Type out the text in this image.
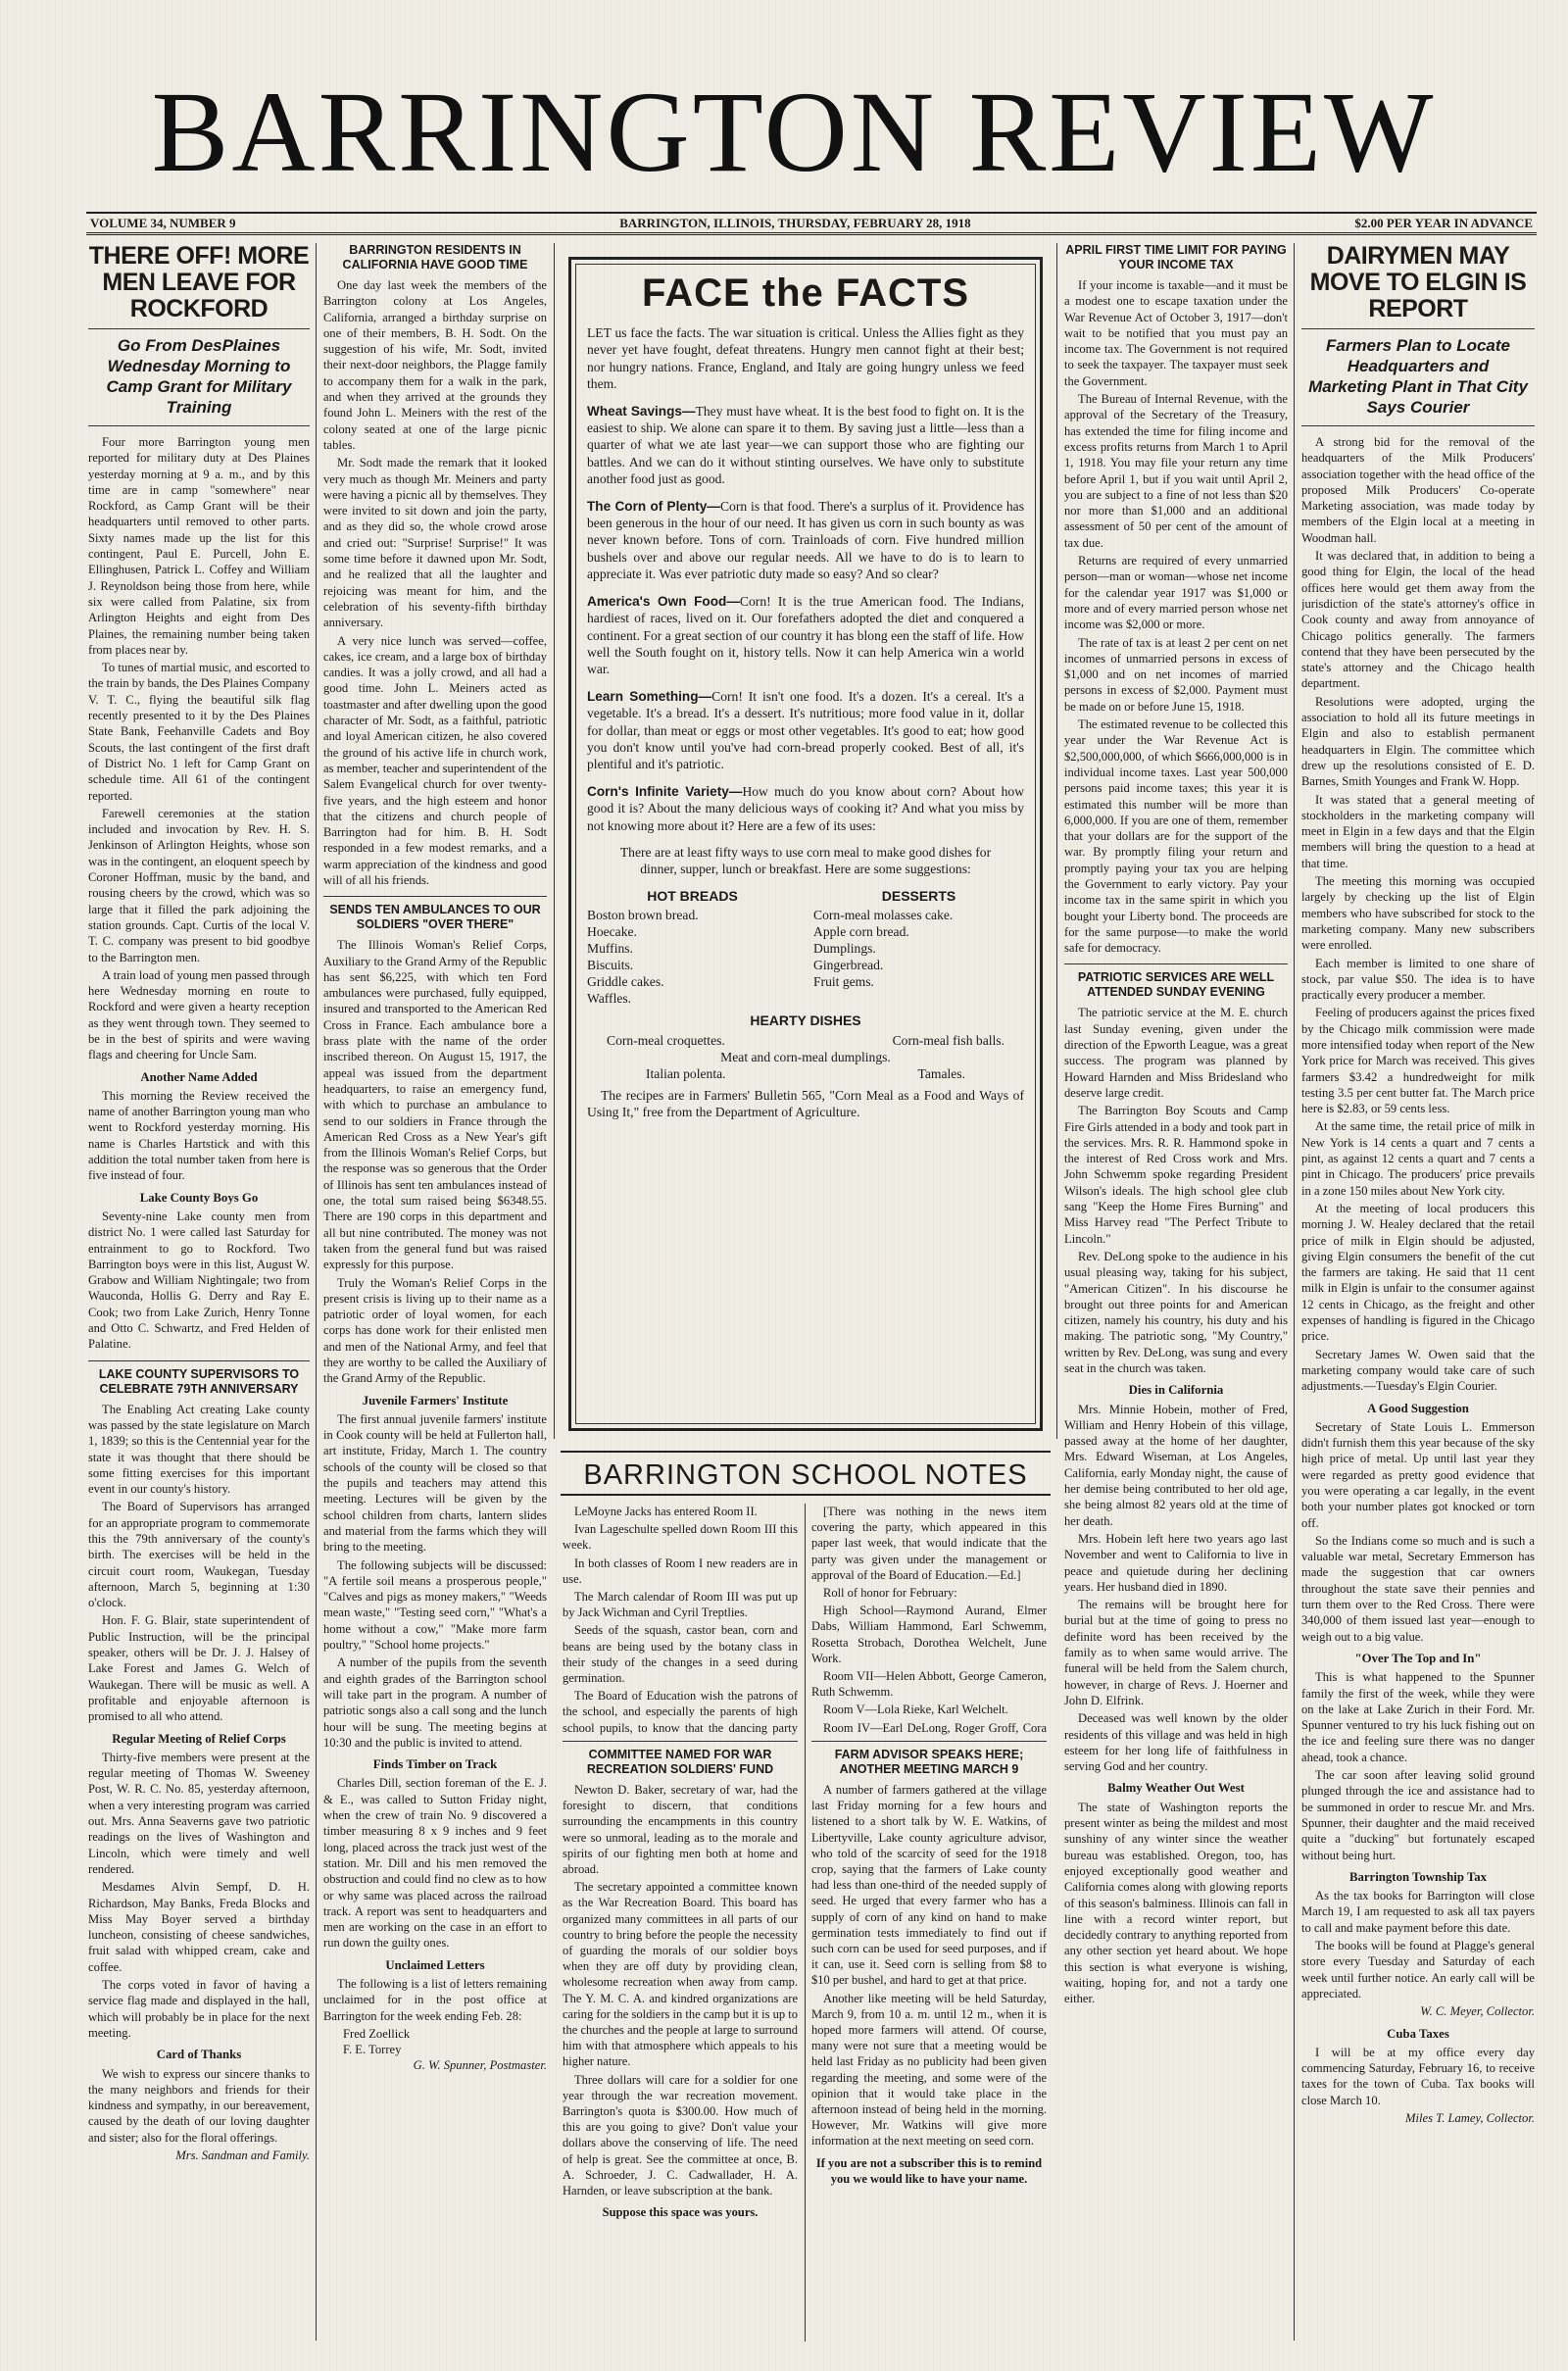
BARRINGTON REVIEW
VOLUME 34, NUMBER 9	BARRINGTON, ILLINOIS, THURSDAY, FEBRUARY 28, 1918	$2.00 PER YEAR IN ADVANCE
THERE OFF! MORE MEN LEAVE FOR ROCKFORD
Go From DesPlaines Wednesday Morning to Camp Grant for Military Training

Four more Barrington young men reported for military duty at Des Plaines yesterday morning at 9 a. m., and by this time are in camp "somewhere" near Rockford, as Camp Grant will be their headquarters until removed to other parts. Sixty names made up the list for this contingent, Paul E. Purcell, John E. Ellinghusen, Patrick L. Coffey and William J. Reynoldson being those from here, while six were called from Palatine, six from Arlington Heights and eight from Des Plaines, the remaining number being taken from places near by.

To tunes of martial music, and escorted to the train by bands, the Des Plaines Company V. T. C., flying the beautiful silk flag recently presented to it by the Des Plaines State Bank, Feehanville Cadets and Boy Scouts, the last contingent of the first draft of District No. 1 left for Camp Grant on schedule time. All 61 of the contingent reported.

Farewell ceremonies at the station included and invocation by Rev. H. S. Jenkinson of Arlington Heights, whose son was in the contingent, an eloquent speech by Coroner Hoffman, music by the band, and rousing cheers by the crowd, which was so large that it filled the park adjoining the station grounds. Capt. Curtis of the local V. T. C. company was present to bid goodbye to the Barrington men.

A train load of young men passed through here Wednesday morning en route to Rockford and were given a hearty reception as they went through town. They seemed to be in the best of spirits and were waving flags and cheering for Uncle Sam.

Another Name Added

This morning the Review received the name of another Barrington young man who went to Rockford yesterday morning. His name is Charles Hartstick and with this addition the total number taken from here is five instead of four.

Lake County Boys Go

Seventy-nine Lake county men from district No. 1 were called last Saturday for entrainment to go to Rockford. Two Barrington boys were in this list, August W. Grabow and William Nightingale; two from Wauconda, Hollis G. Derry and Ray E. Cook; two from Lake Zurich, Henry Tonne and Otto C. Schwartz, and Fred Helden of Palatine.

LAKE COUNTY SUPERVISORS TO CELEBRATE 79TH ANNIVERSARY

The Enabling Act creating Lake county was passed by the state legislature on March 1, 1839; so this is the Centennial year for the state it was thought that there should be some fitting exercises for this important event in our county's history.

The Board of Supervisors has arranged for an appropriate program to commemorate this the 79th anniversary of the county's birth. The exercises will be held in the circuit court room, Waukegan, Tuesday afternoon, March 5, beginning at 1:30 o'clock.

Hon. F. G. Blair, state superintendent of Public Instruction, will be the principal speaker, others will be Dr. J. J. Halsey of Lake Forest and James G. Welch of Waukegan. There will be music as well. A profitable and enjoyable afternoon is promised to all who attend.

Regular Meeting of Relief Corps

Thirty-five members were present at the regular meeting of Thomas W. Sweeney Post, W. R. C. No. 85, yesterday afternoon, when a very interesting program was carried out. Mrs. Anna Seaverns gave two patriotic readings on the lives of Washington and Lincoln, which were timely and well rendered.

Mesdames Alvin Sempf, D. H. Richardson, May Banks, Freda Blocks and Miss May Boyer served a birthday luncheon, consisting of cheese sandwiches, fruit salad with whipped cream, cake and coffee.

The corps voted in favor of having a service flag made and displayed in the hall, which will probably be in place for the next meeting.

Card of Thanks

We wish to express our sincere thanks to the many neighbors and friends for their kindness and sympathy, in our bereavement, caused by the death of our loving daughter and sister; also for the floral offerings.

Mrs. Sandman and Family.
BARRINGTON RESIDENTS IN CALIFORNIA HAVE GOOD TIME

One day last week the members of the Barrington colony at Los Angeles, California, arranged a birthday surprise on one of their members, B. H. Sodt. On the suggestion of his wife, Mr. Sodt, invited their next-door neighbors, the Plagge family to accompany them for a walk in the park, and when they arrived at the grounds they found John L. Meiners with the rest of the colony seated at one of the large picnic tables.

Mr. Sodt made the remark that it looked very much as though Mr. Meiners and party were having a picnic all by themselves. They were invited to sit down and join the party, and as they did so, the whole crowd arose and cried out: "Surprise! Surprise!" It was some time before it dawned upon Mr. Sodt, and he realized that all the laughter and rejoicing was meant for him, and the celebration of his seventy-fifth birthday anniversary.

A very nice lunch was served—coffee, cakes, ice cream, and a large box of birthday candies. It was a jolly crowd, and all had a good time. John L. Meiners acted as toastmaster and after dwelling upon the good character of Mr. Sodt, as a faithful, patriotic and loyal American citizen, he also covered the ground of his active life in church work, as member, teacher and superintendent of the Salem Evangelical church for over twenty-five years, and the high esteem and honor that the citizens and church people of Barrington had for him. B. H. Sodt responded in a few modest remarks, and a warm appreciation of the kindness and good will of all his friends.

SENDS TEN AMBULANCES TO OUR SOLDIERS "OVER THERE"

The Illinois Woman's Relief Corps, Auxiliary to the Grand Army of the Republic has sent $6,225, with which ten Ford ambulances were purchased, fully equipped, insured and transported to the American Red Cross in France. Each ambulance bore a brass plate with the name of the order inscribed thereon. On August 15, 1917, the appeal was issued from the department headquarters, to raise an emergency fund, with which to purchase an ambulance to send to our soldiers in France through the American Red Cross as a New Year's gift from the Illinois Woman's Relief Corps, but the response was so generous that the Order of Illinois has sent ten ambulances instead of one, the total sum raised being $6348.55. There are 190 corps in this department and all but nine contributed. The money was not taken from the general fund but was raised expressly for this purpose.

Truly the Woman's Relief Corps in the present crisis is living up to their name as a patriotic order of loyal women, for each corps has done work for their enlisted men and men of the National Army, and feel that they are worthy to be called the Auxiliary of the Grand Army of the Republic.

Juvenile Farmers' Institute

The first annual juvenile farmers' institute in Cook county will be held at Fullerton hall, art institute, Friday, March 1. The country schools of the county will be closed so that the pupils and teachers may attend this meeting. Lectures will be given by the school children from charts, lantern slides and material from the farms which they will bring to the meeting.

The following subjects will be discussed: "A fertile soil means a prosperous people," "Calves and pigs as money makers," "Weeds mean waste," "Testing seed corn," "What's a home without a cow," "Make more farm poultry," "School home projects."

A number of the pupils from the seventh and eighth grades of the Barrington school will take part in the program. A number of patriotic songs also a call song and the lunch hour will be sung. The meeting begins at 10:30 and the public is invited to attend.

Finds Timber on Track

Charles Dill, section foreman of the E. J. & E., was called to Sutton Friday night, when the crew of train No. 9 discovered a timber measuring 8 x 9 inches and 9 feet long, placed across the track just west of the station. Mr. Dill and his men removed the obstruction and could find no clew as to how or why same was placed across the railroad track. A report was sent to headquarters and men are working on the case in an effort to run down the guilty ones.

Unclaimed Letters

The following is a list of letters remaining unclaimed for in the post office at Barrington for the week ending Feb. 28:

Fred Zoellick
F. E. Torrey
G. W. Spunner, Postmaster.
FACE the FACTS

LET us face the facts. The war situation is critical. Unless the Allies fight as they never yet have fought, defeat threatens. Hungry men cannot fight at their best; nor hungry nations. France, England, and Italy are going hungry unless we feed them.

Wheat Savings—They must have wheat. It is the best food to fight on. It is the easiest to ship. We alone can spare it to them. By saving just a little—less than a quarter of what we ate last year—we can support those who are fighting our battles. And we can do it without stinting ourselves. We have only to substitute another food just as good.

The Corn of Plenty—Corn is that food. There's a surplus of it. Providence has been generous in the hour of our need. It has given us corn in such bounty as was never known before. Tons of corn. Trainloads of corn. Five hundred million bushels over and above our regular needs. All we have to do is to learn to appreciate it. Was ever patriotic duty made so easy? And so clear?

America's Own Food—Corn! It is the true American food. The Indians, hardiest of races, lived on it. Our forefathers adopted the diet and conquered a continent. For a great section of our country it has blong een the staff of life. How well the South fought on it, history tells. Now it can help America win a world war.

Learn Something—Corn! It isn't one food. It's a dozen. It's a cereal. It's a vegetable. It's a bread. It's a dessert. It's nutritious; more food value in it, dollar for dollar, than meat or eggs or most other vegetables. It's good to eat; how good you don't know until you've had corn-bread properly cooked. Best of all, it's plentiful and it's patriotic.

Corn's Infinite Variety—How much do you know about corn? About how good it is? About the many delicious ways of cooking it? And what you miss by not knowing more about it? Here are a few of its uses:

There are at least fifty ways to use corn meal to make good dishes for dinner, supper, lunch or breakfast. Here are some suggestions:

HOT BREADS
Boston brown bread.
Hoecake.
Muffins.
Biscuits.
Griddle cakes.
Waffles.
DESSERTS
Corn-meal molasses cake.
Apple corn bread.
Dumplings.
Gingerbread.
Fruit gems.
HEARTY DISHES
Corn-meal croquettes.	Corn-meal fish balls.
Meat and corn-meal dumplings.
Italian polenta.	Tamales.

The recipes are in Farmers' Bulletin 565, "Corn Meal as a Food and Ways of Using It," free from the Department of Agriculture.

BARRINGTON SCHOOL NOTES

LeMoyne Jacks has entered Room II.

Ivan Lageschulte spelled down Room III this week.

In both classes of Room I new readers are in use.

The March calendar of Room III was put up by Jack Wichman and Cyril Treptlies.

Seeds of the squash, castor bean, corn and beans are being used by the botany class in their study of the changes in a seed during germination.

The Board of Education wish the patrons of the school, and especially the parents of high school pupils, to know that the dancing party

[There was nothing in the news item covering the party, which appeared in this paper last week, that would indicate that the party was given under the management or approval of the Board of Education.—Ed.]

Roll of honor for February:

High School—Raymond Aurand, Elmer Dabs, William Hammond, Earl Schwemm, Rosetta Strobach, Dorothea Welchelt, June Work.

Room VII—Helen Abbott, George Cameron, Ruth Schwemm.

Room V—Lola Rieke, Karl Welchelt.

Room IV—Earl DeLong, Roger Groff, Cora

COMMITTEE NAMED FOR WAR RECREATION SOLDIERS' FUND

Newton D. Baker, secretary of war, had the foresight to discern, that conditions surrounding the encampments in this country were so unmoral, leading as to the morale and spirits of our fighting men both at home and abroad.

The secretary appointed a committee known as the War Recreation Board. This board has organized many committees in all parts of our country to bring before the people the necessity of guarding the morals of our soldier boys when they are off duty by providing clean, wholesome recreation when away from camp. The Y. M. C. A. and kindred organizations are caring for the soldiers in the camp but it is up to the churches and the people at large to surround him with that atmosphere which appeals to his higher nature.

Three dollars will care for a soldier for one year through the war recreation movement. Barrington's quota is $300.00. How much of this are you going to give? Don't value your dollars above the conserving of life. The need of help is great. See the committee at once, B. A. Schroeder, J. C. Cadwallader, H. A. Harnden, or leave subscription at the bank.

Suppose this space was yours.
FARM ADVISOR SPEAKS HERE; ANOTHER MEETING MARCH 9

A number of farmers gathered at the village last Friday morning for a few hours and listened to a short talk by W. E. Watkins, of Libertyville, Lake county agriculture advisor, who told of the scarcity of seed for the 1918 crop, saying that the farmers of Lake county had less than one-third of the needed supply of seed. He urged that every farmer who has a supply of corn of any kind on hand to make germination tests immediately to find out if such corn can be used for seed purposes, and if it can, use it. Seed corn is selling from $8 to $10 per bushel, and hard to get at that price.

Another like meeting will be held Saturday, March 9, from 10 a. m. until 12 m., when it is hoped more farmers will attend. Of course, many were not sure that a meeting would be held last Friday as no publicity had been given regarding the meeting, and some were of the opinion that it would take place in the afternoon instead of being held in the morning. However, Mr. Watkins will give more information at the next meeting on seed corn.

If you are not a subscriber this is to remind you we would like to have your name.
APRIL FIRST TIME LIMIT FOR PAYING YOUR INCOME TAX

If your income is taxable—and it must be a modest one to escape taxation under the War Revenue Act of October 3, 1917—don't wait to be notified that you must pay an income tax. The Government is not required to seek the taxpayer. The taxpayer must seek the Government.

The Bureau of Internal Revenue, with the approval of the Secretary of the Treasury, has extended the time for filing income and excess profits returns from March 1 to April 1, 1918. You may file your return any time before April 1, but if you wait until April 2, you are subject to a fine of not less than $20 nor more than $1,000 and an additional assessment of 50 per cent of the amount of tax due.

Returns are required of every unmarried person—man or woman—whose net income for the calendar year 1917 was $1,000 or more and of every married person whose net income was $2,000 or more.

The rate of tax is at least 2 per cent on net incomes of unmarried persons in excess of $1,000 and on net incomes of married persons in excess of $2,000. Payment must be made on or before June 15, 1918.

The estimated revenue to be collected this year under the War Revenue Act is $2,500,000,000, of which $666,000,000 is in individual income taxes. Last year 500,000 persons paid income taxes; this year it is estimated this number will be more than 6,000,000. If you are one of them, remember that your dollars are for the support of the war. By promptly filing your return and promptly paying your tax you are helping the Government to early victory. Pay your income tax in the same spirit in which you bought your Liberty bond. The proceeds are for the same purpose—to make the world safe for democracy.

PATRIOTIC SERVICES ARE WELL ATTENDED SUNDAY EVENING

The patriotic service at the M. E. church last Sunday evening, given under the direction of the Epworth League, was a great success. The program was planned by Howard Harnden and Miss Bridesland who deserve large credit.

The Barrington Boy Scouts and Camp Fire Girls attended in a body and took part in the services. Mrs. R. R. Hammond spoke in the interest of Red Cross work and Mrs. John Schwemm spoke regarding President Wilson's ideals. The high school glee club sang "Keep the Home Fires Burning" and Miss Harvey read "The Perfect Tribute to Lincoln."

Rev. DeLong spoke to the audience in his usual pleasing way, taking for his subject, "American Citizen". In his discourse he brought out three points for and American citizen, namely his country, his duty and his making. The patriotic song, "My Country," written by Rev. DeLong, was sung and every seat in the church was taken.

Dies in California

Mrs. Minnie Hobein, mother of Fred, William and Henry Hobein of this village, passed away at the home of her daughter, Mrs. Edward Wiseman, at Los Angeles, California, early Monday night, the cause of her demise being contributed to her old age, she being almost 82 years old at the time of her death.

Mrs. Hobein left here two years ago last November and went to California to live in peace and quietude during her declining years. Her husband died in 1890.

The remains will be brought here for burial but at the time of going to press no definite word has been received by the family as to when same would arrive. The funeral will be held from the Salem church, however, in charge of Revs. J. Hoerner and John D. Elfrink.

Deceased was well known by the older residents of this village and was held in high esteem for her long life of faithfulness in serving God and her country.

Balmy Weather Out West

The state of Washington reports the present winter as being the mildest and most sunshiny of any winter since the weather bureau was established. Oregon, too, has enjoyed exceptionally good weather and California comes along with glowing reports of this season's balminess. Illinois can fall in line with a record winter report, but decidedly contrary to anything reported from any other section yet heard about. We hope this section is what everyone is wishing, waiting, hoping for, and not a tardy one either.

DAIRYMEN MAY MOVE TO ELGIN IS REPORT
Farmers Plan to Locate Headquarters and Marketing Plant in That City Says Courier

A strong bid for the removal of the headquarters of the Milk Producers' association together with the head office of the proposed Milk Producers' Co-operate Marketing association, was made today by members of the Elgin local at a meeting in Woodman hall.

It was declared that, in addition to being a good thing for Elgin, the local of the head offices here would get them away from the jurisdiction of the state's attorney's office in Cook county and away from annoyance of Chicago politics generally. The farmers contend that they have been persecuted by the state's attorney and the Chicago health department.

Resolutions were adopted, urging the association to hold all its future meetings in Elgin and also to establish permanent headquarters in Elgin. The committee which drew up the resolutions consisted of E. D. Barnes, Smith Younges and Frank W. Hopp.

It was stated that a general meeting of stockholders in the marketing company will meet in Elgin in a few days and that the Elgin members will bring the question to a head at that time.

The meeting this morning was occupied largely by checking up the list of Elgin members who have subscribed for stock to the marketing company. Many new subscribers were enrolled.

Each member is limited to one share of stock, par value $50. The idea is to have practically every producer a member.

Feeling of producers against the prices fixed by the Chicago milk commission were made more intensified today when report of the New York price for March was received. This gives farmers $3.42 a hundredweight for milk testing 3.5 per cent butter fat. The March price here is $2.83, or 59 cents less.

At the same time, the retail price of milk in New York is 14 cents a quart and 7 cents a pint, as against 12 cents a quart and 7 cents a pint in Chicago. The producers' price prevails in a zone 150 miles about New York city.

At the meeting of local producers this morning J. W. Healey declared that the retail price of milk in Elgin should be adjusted, giving Elgin consumers the benefit of the cut the farmers are taking. He said that 11 cent milk in Elgin is unfair to the consumer against 12 cents in Chicago, as the freight and other expenses of handling is figured in the Chicago price.

Secretary James W. Owen said that the marketing company would take care of such adjustments.—Tuesday's Elgin Courier.

A Good Suggestion

Secretary of State Louis L. Emmerson didn't furnish them this year because of the sky high price of metal. Up until last year they were regarded as pretty good evidence that you were operating a car legally, in the event both your number plates got knocked or torn off.

So the Indians come so much and is such a valuable war metal, Secretary Emmerson has made the suggestion that car owners throughout the state save their pennies and turn them over to the Red Cross. There were 340,000 of them issued last year—enough to weigh out to a big value.

"Over The Top and In"

This is what happened to the Spunner family the first of the week, while they were on the lake at Lake Zurich in their Ford. Mr. Spunner ventured to try his luck fishing out on the ice and feeling sure there was no danger ahead, took a chance.

The car soon after leaving solid ground plunged through the ice and assistance had to be summoned in order to rescue Mr. and Mrs. Spunner, their daughter and the maid received quite a "ducking" but fortunately escaped without being hurt.

Barrington Township Tax

As the tax books for Barrington will close March 19, I am requested to ask all tax payers to call and make payment before this date.

The books will be found at Plagge's general store every Tuesday and Saturday of each week until further notice. An early call will be appreciated.

W. C. Meyer, Collector.
Cuba Taxes

I will be at my office every day commencing Saturday, February 16, to receive taxes for the town of Cuba. Tax books will close March 10.

Miles T. Lamey, Collector.
